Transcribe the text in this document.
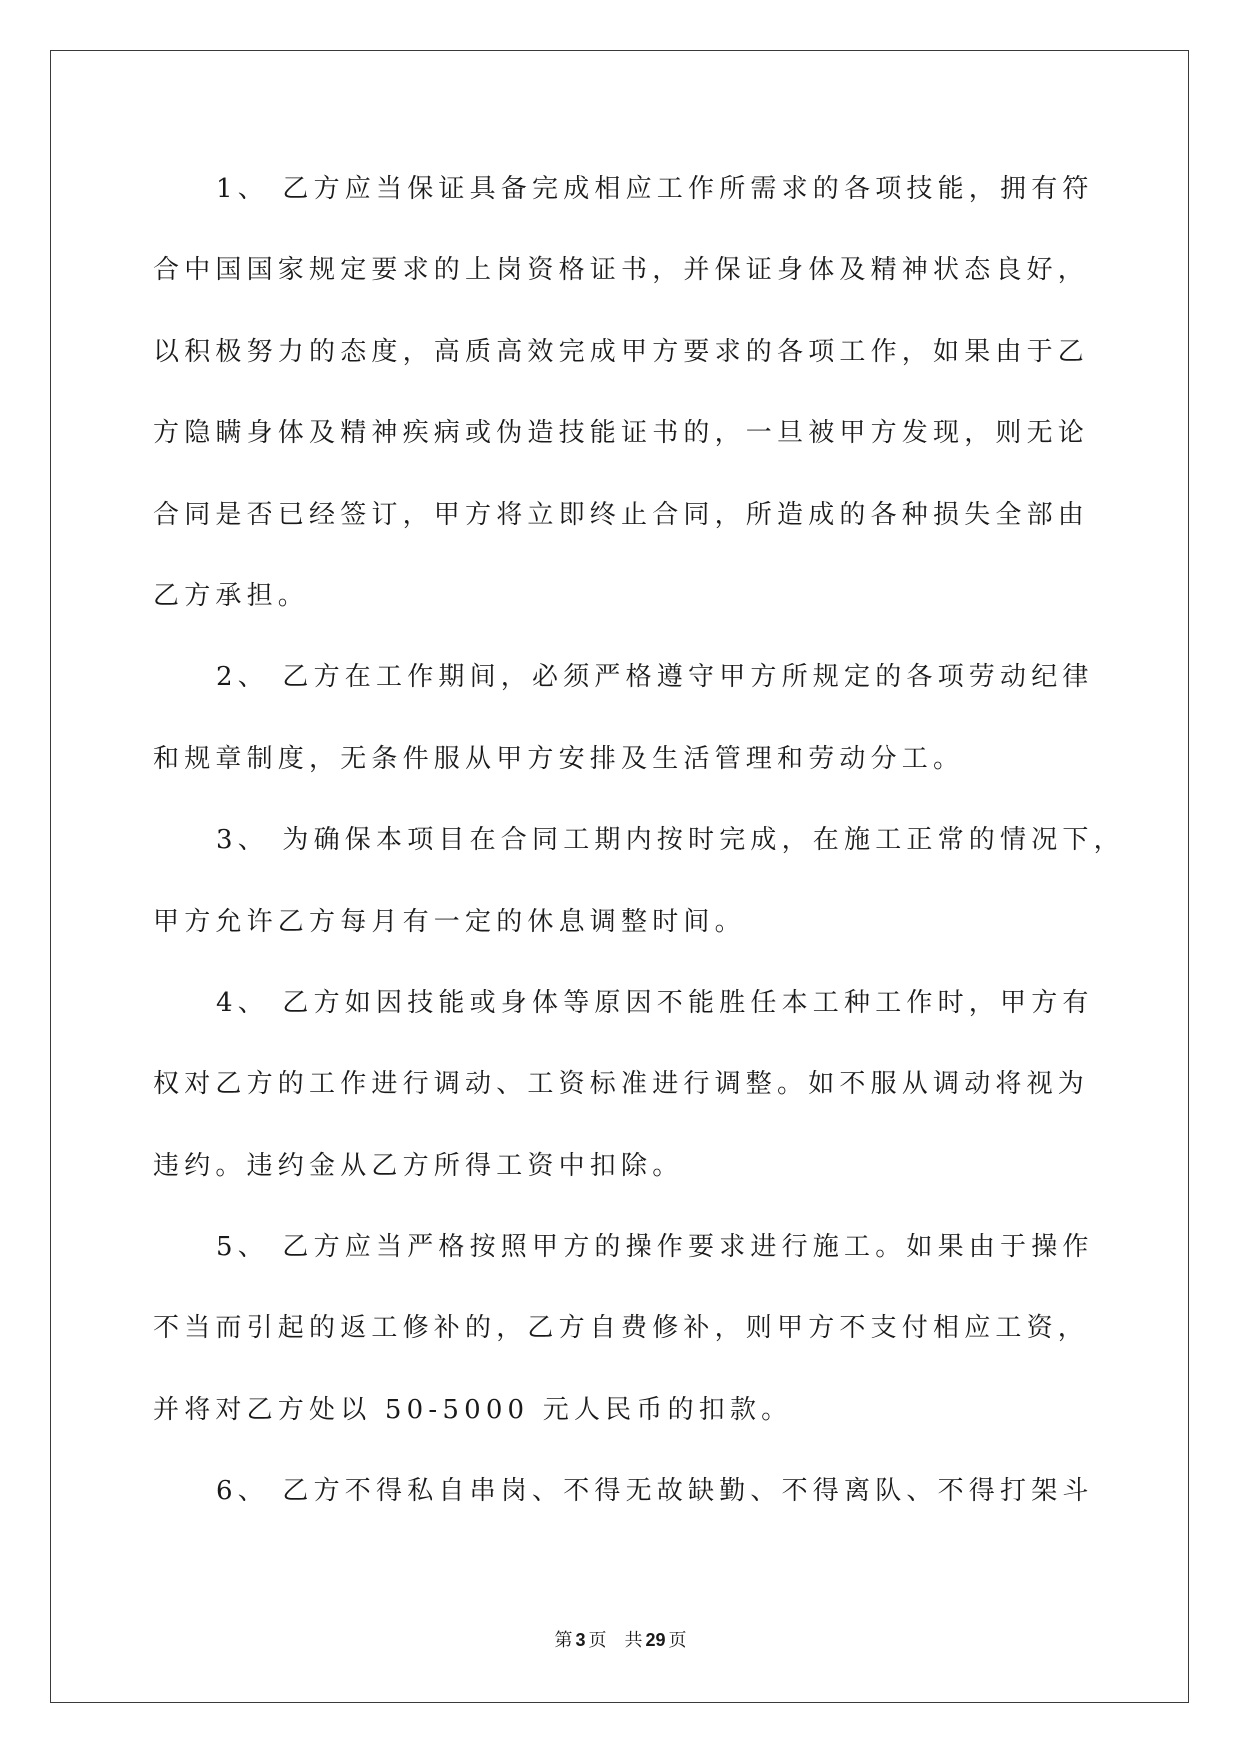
1、 乙方应当保证具备完成相应工作所需求的各项技能，拥有符
合中国国家规定要求的上岗资格证书，并保证身体及精神状态良好，
以积极努力的态度，高质高效完成甲方要求的各项工作，如果由于乙
方隐瞒身体及精神疾病或伪造技能证书的，一旦被甲方发现，则无论
合同是否已经签订，甲方将立即终止合同，所造成的各种损失全部由
乙方承担。
2、 乙方在工作期间，必须严格遵守甲方所规定的各项劳动纪律
和规章制度，无条件服从甲方安排及生活管理和劳动分工。
3、 为确保本项目在合同工期内按时完成，在施工正常的情况下，
甲方允许乙方每月有一定的休息调整时间。
4、 乙方如因技能或身体等原因不能胜任本工种工作时，甲方有
权对乙方的工作进行调动、工资标准进行调整。如不服从调动将视为
违约。违约金从乙方所得工资中扣除。
5、 乙方应当严格按照甲方的操作要求进行施工。如果由于操作
不当而引起的返工修补的，乙方自费修补，则甲方不支付相应工资，
并将对乙方处以 50-5000 元人民币的扣款。
6、 乙方不得私自串岗、不得无故缺勤、不得离队、不得打架斗
第 3 页 共 29 页
